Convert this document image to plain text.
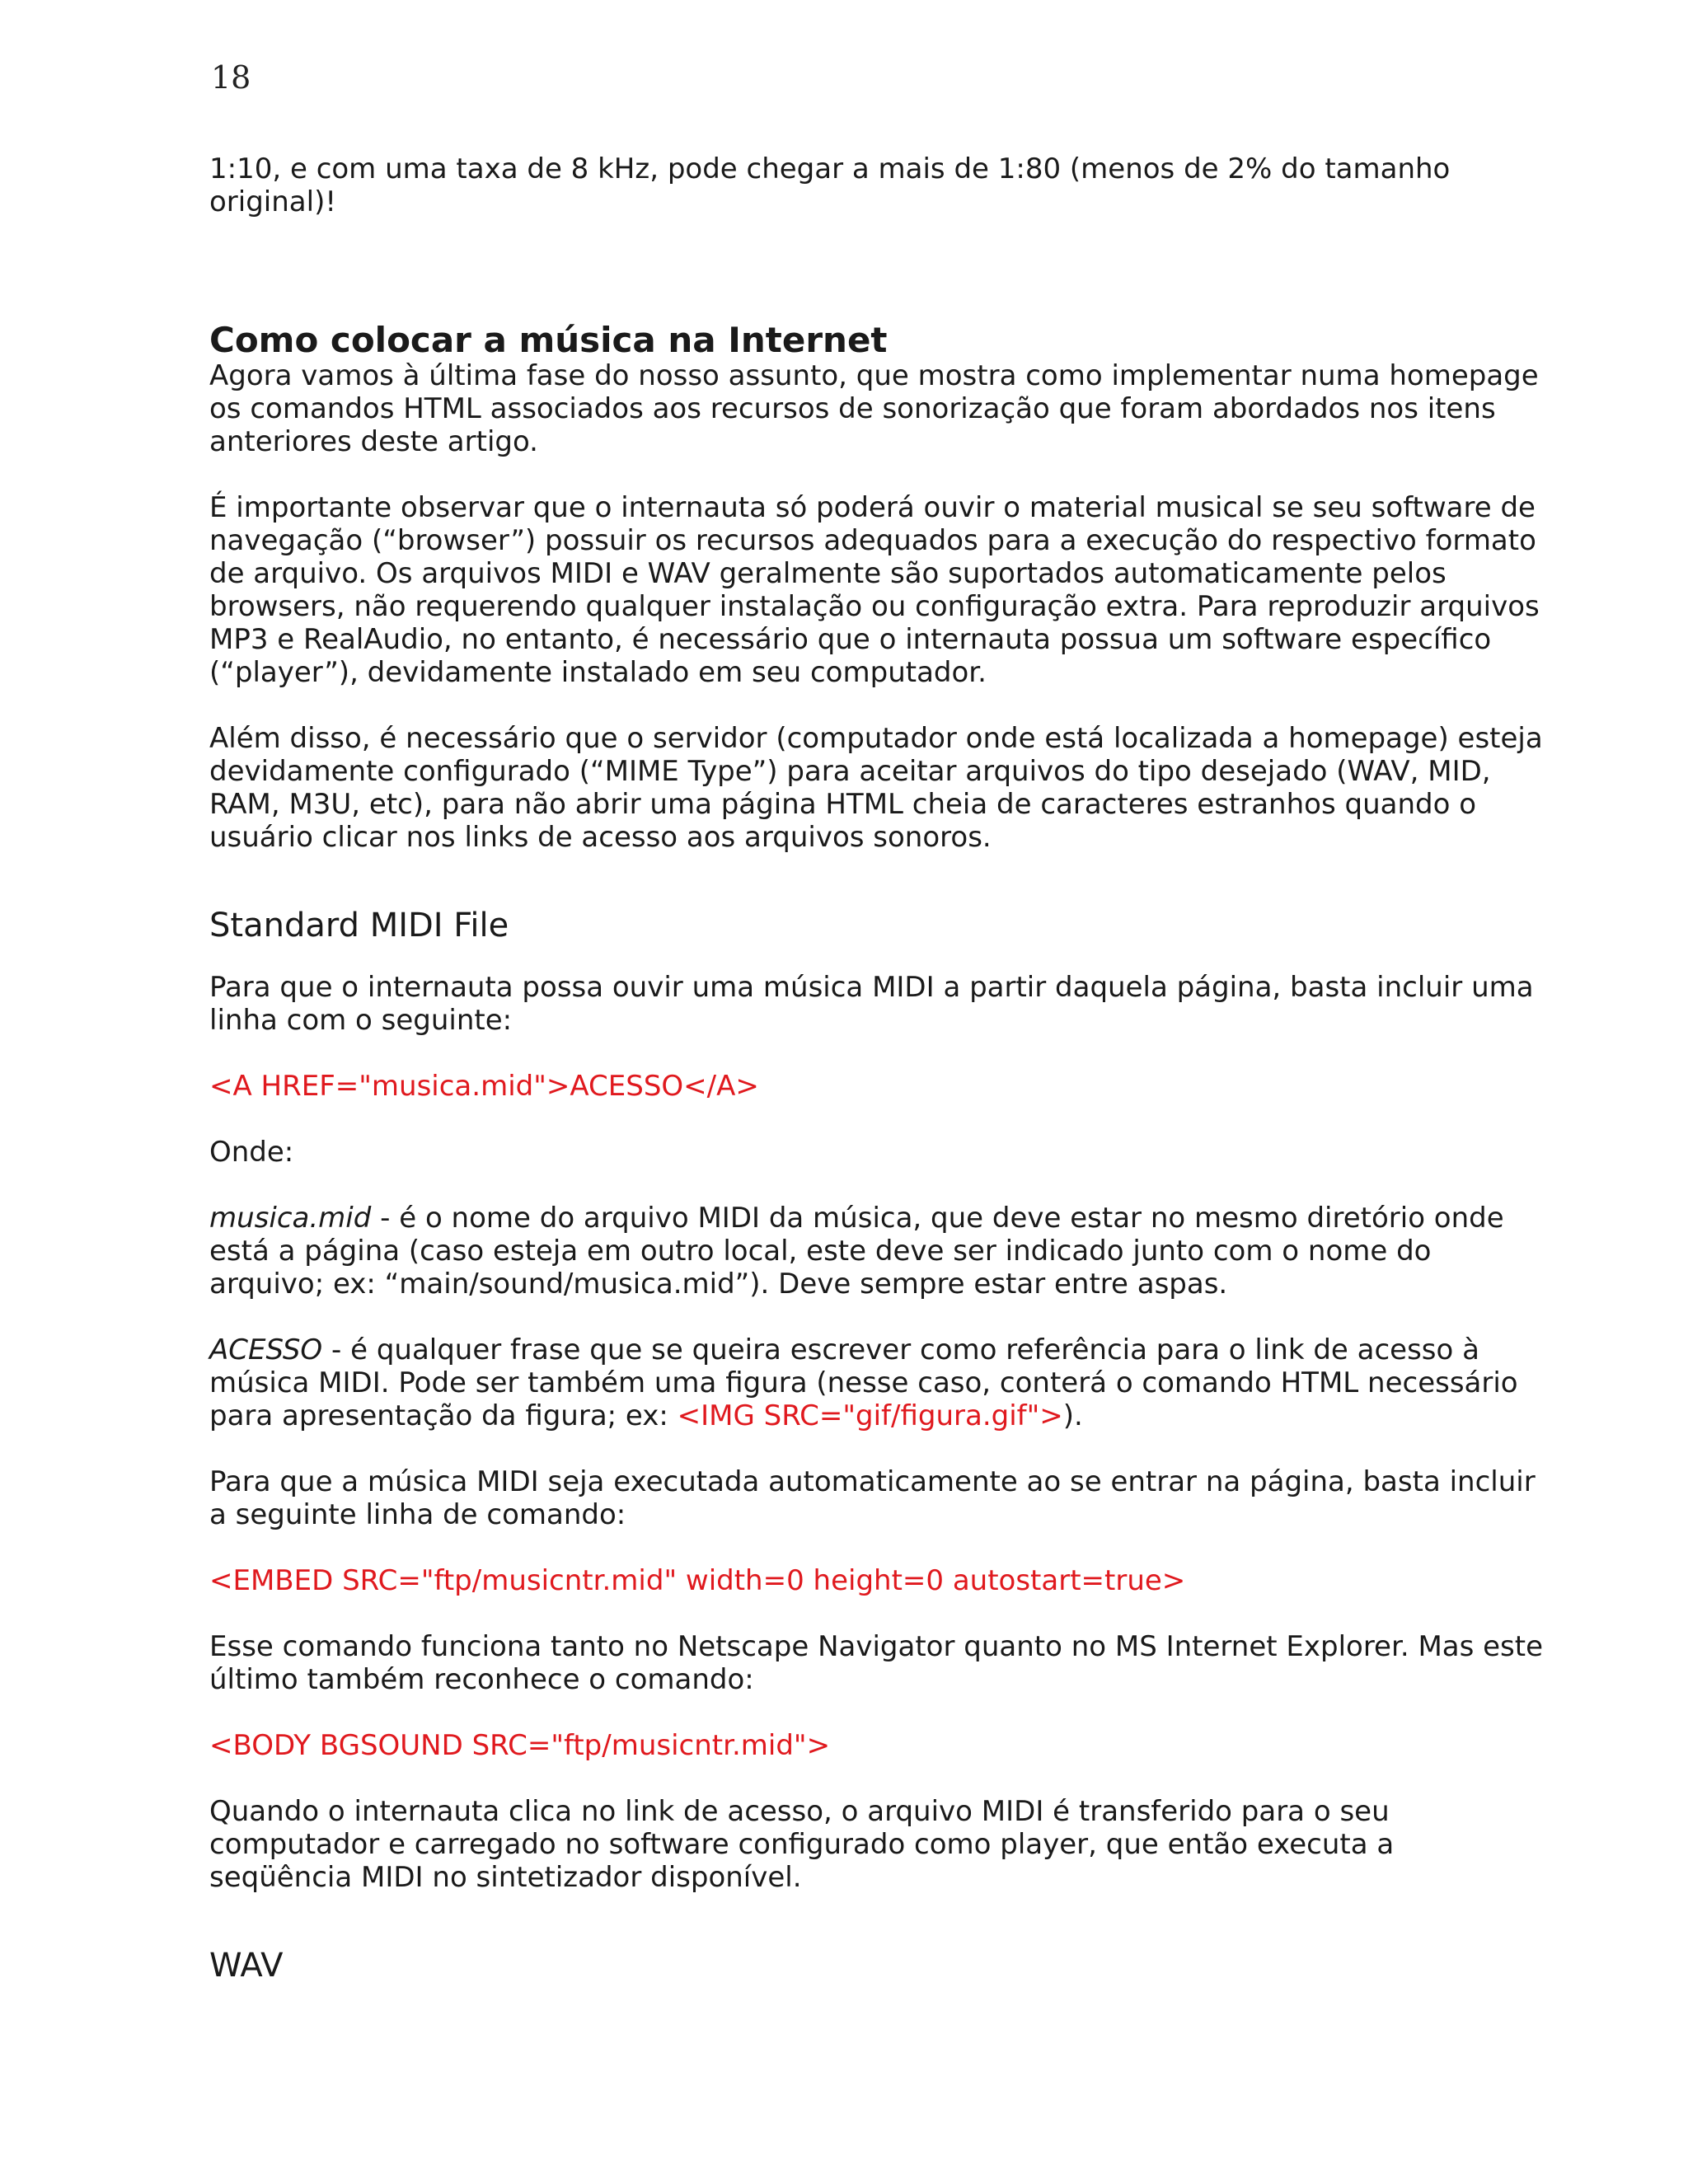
18

1:10, e com uma taxa de 8 kHz, pode chegar a mais de 1:80 (menos de 2% do tamanho original)!

Como colocar a música na Internet

Agora vamos à última fase do nosso assunto, que mostra como implementar numa homepage os comandos HTML associados aos recursos de sonorização que foram abordados nos itens anteriores deste artigo.

É importante observar que o internauta só poderá ouvir o material musical se seu software de navegação (“browser”) possuir os recursos adequados para a execução do respectivo formato de arquivo. Os arquivos MIDI e WAV geralmente são suportados automaticamente pelos browsers, não requerendo qualquer instalação ou configuração extra. Para reproduzir arquivos MP3 e RealAudio, no entanto, é necessário que o internauta possua um software específico (“player”), devidamente instalado em seu computador.

Além disso, é necessário que o servidor (computador onde está localizada a homepage) esteja devidamente configurado (“MIME Type”) para aceitar arquivos do tipo desejado (WAV, MID, RAM, M3U, etc), para não abrir uma página HTML cheia de caracteres estranhos quando o usuário clicar nos links de acesso aos arquivos sonoros.

Standard MIDI File

Para que o internauta possa ouvir uma música MIDI a partir daquela página, basta incluir uma linha com o seguinte:

<A HREF="musica.mid">ACESSO</A>

Onde:

musica.mid - é o nome do arquivo MIDI da música, que deve estar no mesmo diretório onde está a página (caso esteja em outro local, este deve ser indicado junto com o nome do arquivo; ex: “main/sound/musica.mid”). Deve sempre estar entre aspas.

ACESSO - é qualquer frase que se queira escrever como referência para o link de acesso à música MIDI. Pode ser também uma figura (nesse caso, conterá o comando HTML necessário para apresentação da figura; ex: <IMG SRC="gif/figura.gif">).

Para que a música MIDI seja executada automaticamente ao se entrar na página, basta incluir a seguinte linha de comando:

<EMBED SRC="ftp/musicntr.mid" width=0 height=0 autostart=true>

Esse comando funciona tanto no Netscape Navigator quanto no MS Internet Explorer. Mas este último também reconhece o comando:

<BODY BGSOUND SRC="ftp/musicntr.mid">

Quando o internauta clica no link de acesso, o arquivo MIDI é transferido para o seu computador e carregado no software configurado como player, que então executa a seqüência MIDI no sintetizador disponível.

WAV
